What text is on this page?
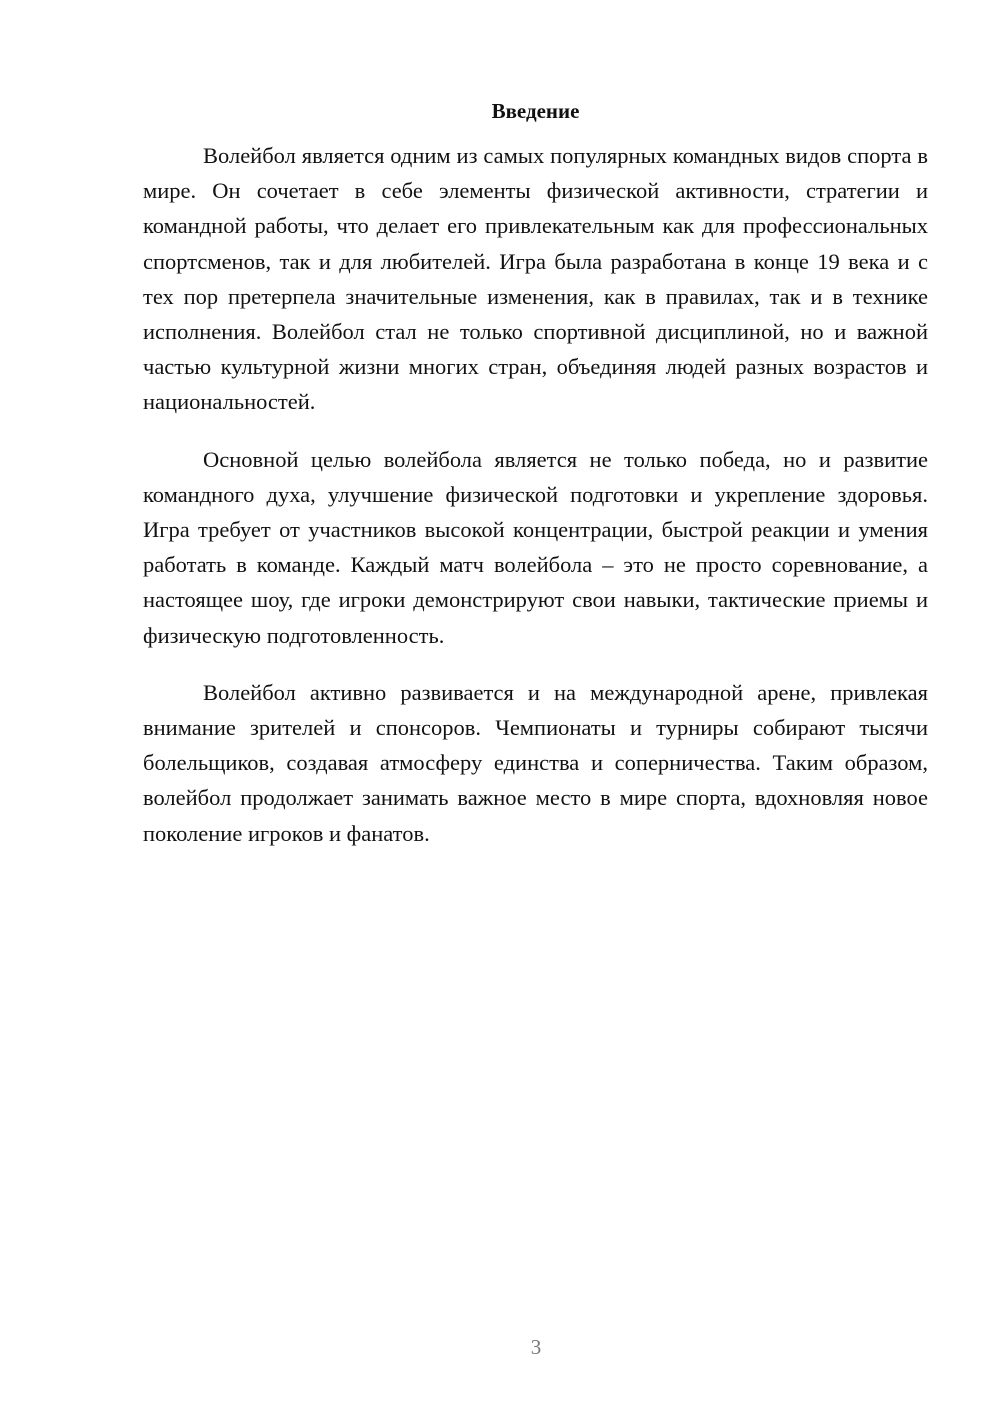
Введение

Волейбол является одним из самых популярных командных видов спорта в мире. Он сочетает в себе элементы физической активности, стратегии и командной работы, что делает его привлекательным как для профессиональных спортсменов, так и для любителей. Игра была разработана в конце 19 века и с тех пор претерпела значительные изменения, как в правилах, так и в технике исполнения. Волейбол стал не только спортивной дисциплиной, но и важной частью культурной жизни многих стран, объединяя людей разных возрастов и национальностей.

Основной целью волейбола является не только победа, но и развитие командного духа, улучшение физической подготовки и укрепление здоровья. Игра требует от участников высокой концентрации, быстрой реакции и умения работать в команде. Каждый матч волейбола – это не просто соревнование, а настоящее шоу, где игроки демонстрируют свои навыки, тактические приемы и физическую подготовленность.

Волейбол активно развивается и на международной арене, привлекая внимание зрителей и спонсоров. Чемпионаты и турниры собирают тысячи болельщиков, создавая атмосферу единства и соперничества. Таким образом, волейбол продолжает занимать важное место в мире спорта, вдохновляя новое поколение игроков и фанатов.

3
